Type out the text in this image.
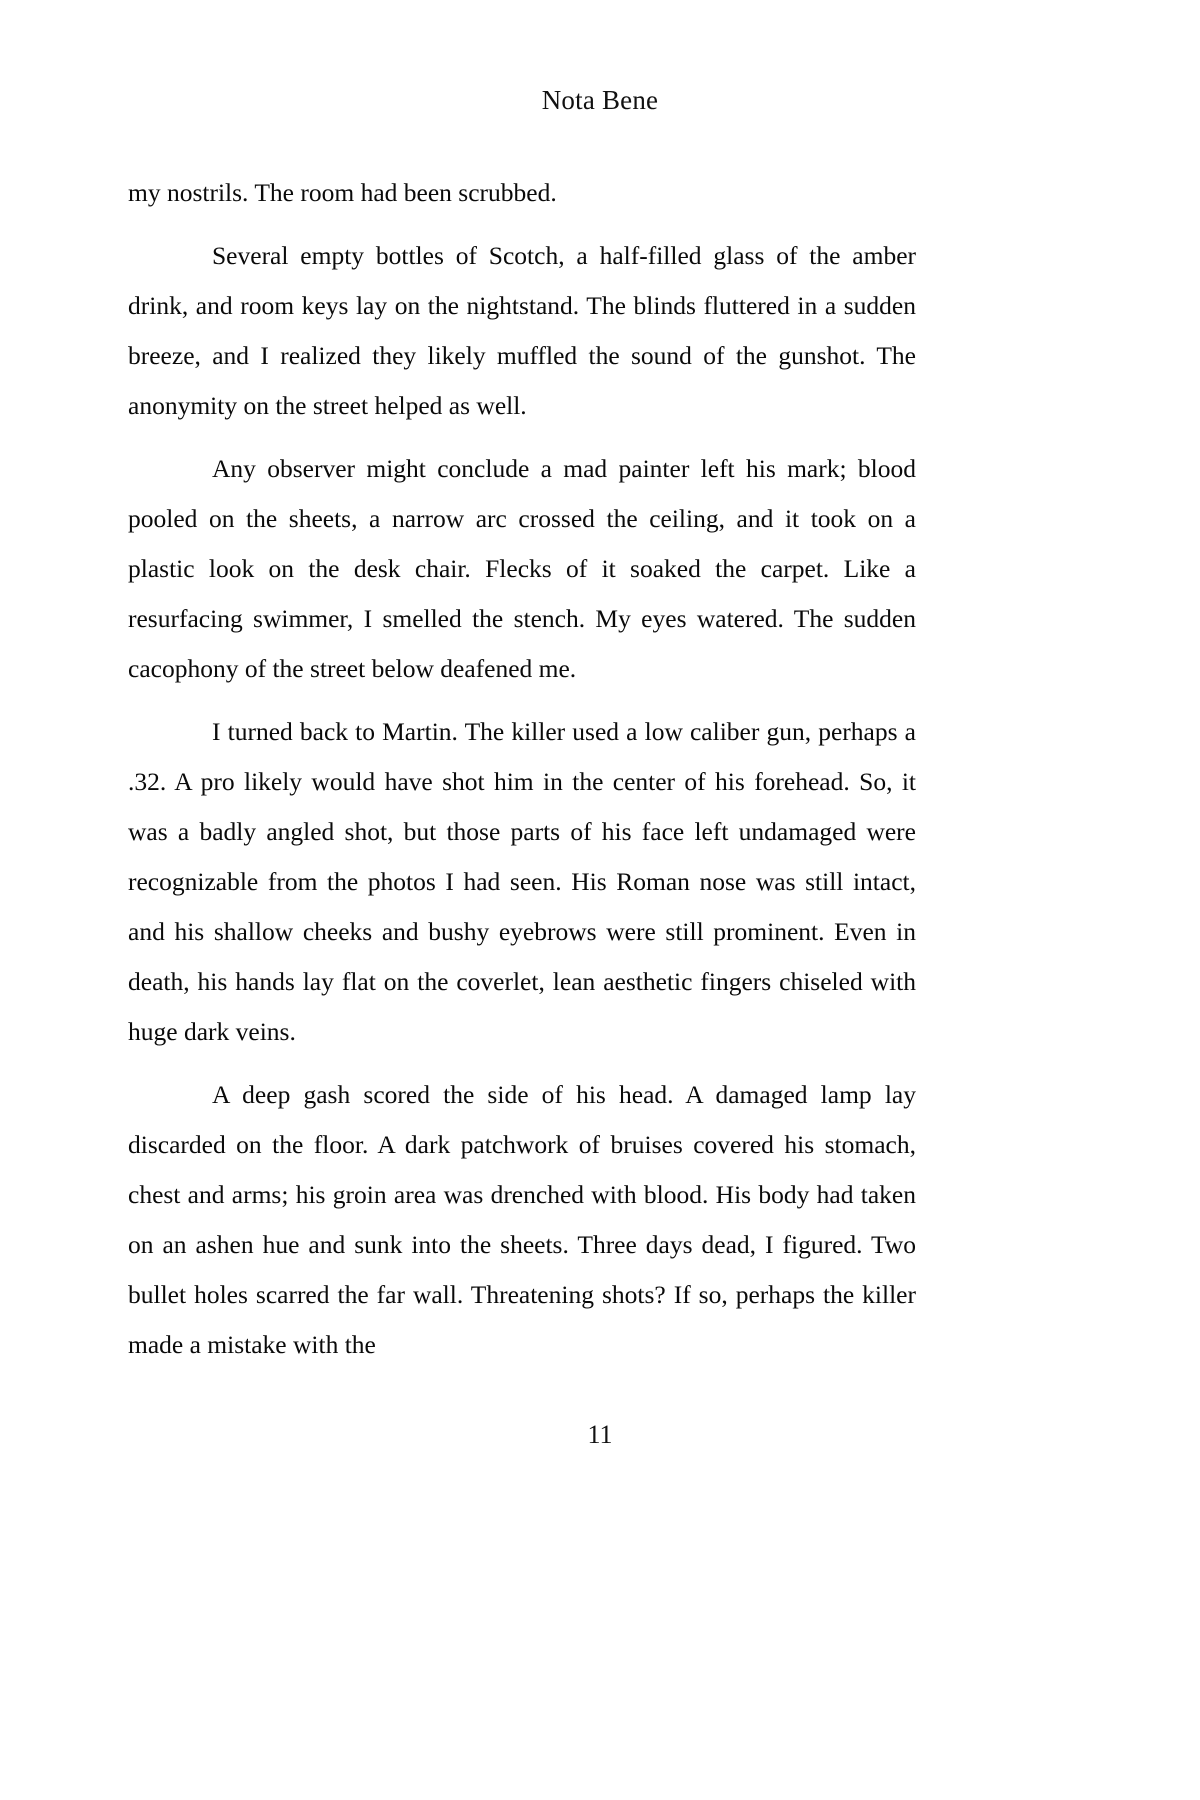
Nota Bene

my nostrils. The room had been scrubbed.

Several empty bottles of Scotch, a half-filled glass of the amber drink, and room keys lay on the nightstand. The blinds fluttered in a sudden breeze, and I realized they likely muffled the sound of the gunshot. The anonymity on the street helped as well.

Any observer might conclude a mad painter left his mark; blood pooled on the sheets, a narrow arc crossed the ceiling, and it took on a plastic look on the desk chair. Flecks of it soaked the carpet. Like a resurfacing swimmer, I smelled the stench. My eyes watered. The sudden cacophony of the street below deafened me.

I turned back to Martin. The killer used a low caliber gun, perhaps a .32. A pro likely would have shot him in the center of his forehead. So, it was a badly angled shot, but those parts of his face left undamaged were recognizable from the photos I had seen. His Roman nose was still intact, and his shallow cheeks and bushy eyebrows were still prominent. Even in death, his hands lay flat on the coverlet, lean aesthetic fingers chiseled with huge dark veins.

A deep gash scored the side of his head. A damaged lamp lay discarded on the floor. A dark patchwork of bruises covered his stomach, chest and arms; his groin area was drenched with blood. His body had taken on an ashen hue and sunk into the sheets. Three days dead, I figured. Two bullet holes scarred the far wall. Threatening shots? If so, perhaps the killer made a mistake with the

11
